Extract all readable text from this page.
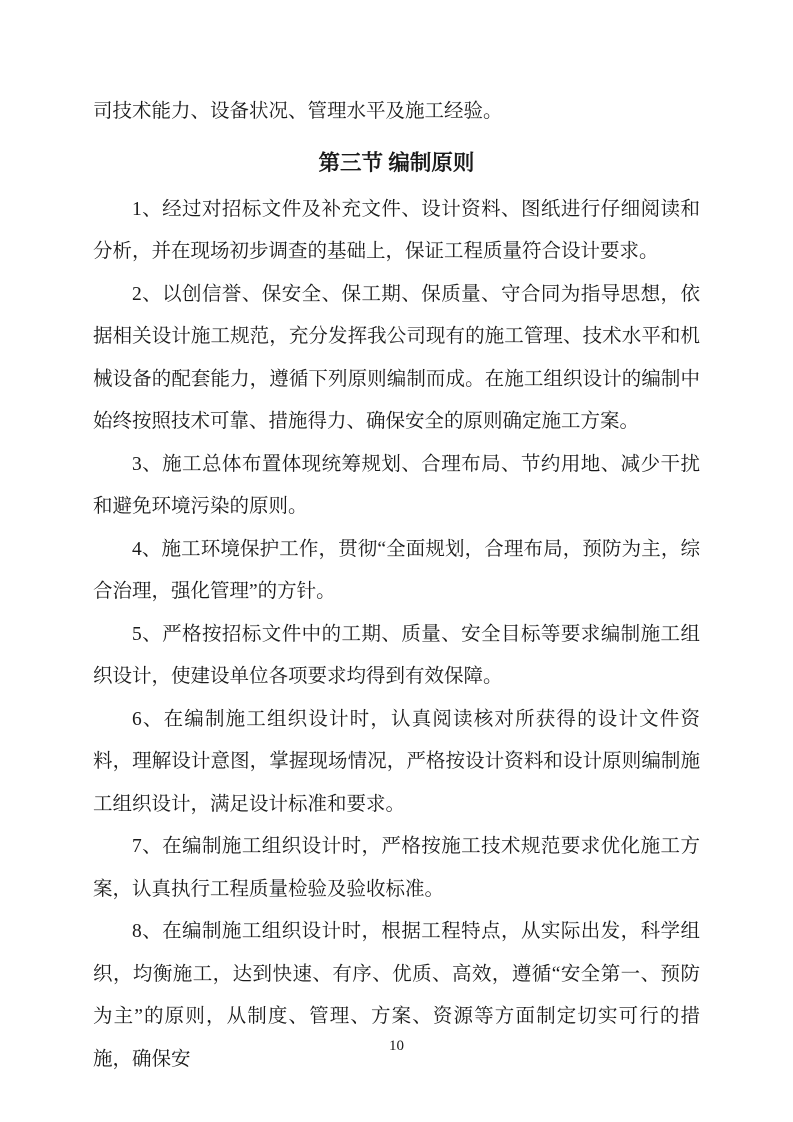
司技术能力、设备状况、管理水平及施工经验。

第三节 编制原则

1、经过对招标文件及补充文件、设计资料、图纸进行仔细阅读和分析，并在现场初步调查的基础上，保证工程质量符合设计要求。

2、以创信誉、保安全、保工期、保质量、守合同为指导思想，依据相关设计施工规范，充分发挥我公司现有的施工管理、技术水平和机械设备的配套能力，遵循下列原则编制而成。在施工组织设计的编制中始终按照技术可靠、措施得力、确保安全的原则确定施工方案。

3、施工总体布置体现统筹规划、合理布局、节约用地、减少干扰和避免环境污染的原则。

4、施工环境保护工作，贯彻“全面规划，合理布局，预防为主，综合治理，强化管理”的方针。

5、严格按招标文件中的工期、质量、安全目标等要求编制施工组织设计，使建设单位各项要求均得到有效保障。

6、在编制施工组织设计时，认真阅读核对所获得的设计文件资料，理解设计意图，掌握现场情况，严格按设计资料和设计原则编制施工组织设计，满足设计标准和要求。

7、在编制施工组织设计时，严格按施工技术规范要求优化施工方案，认真执行工程质量检验及验收标准。

8、在编制施工组织设计时，根据工程特点，从实际出发，科学组织，均衡施工，达到快速、有序、优质、高效，遵循“安全第一、预防为主”的原则，从制度、管理、方案、资源等方面制定切实可行的措施，确保安

10
